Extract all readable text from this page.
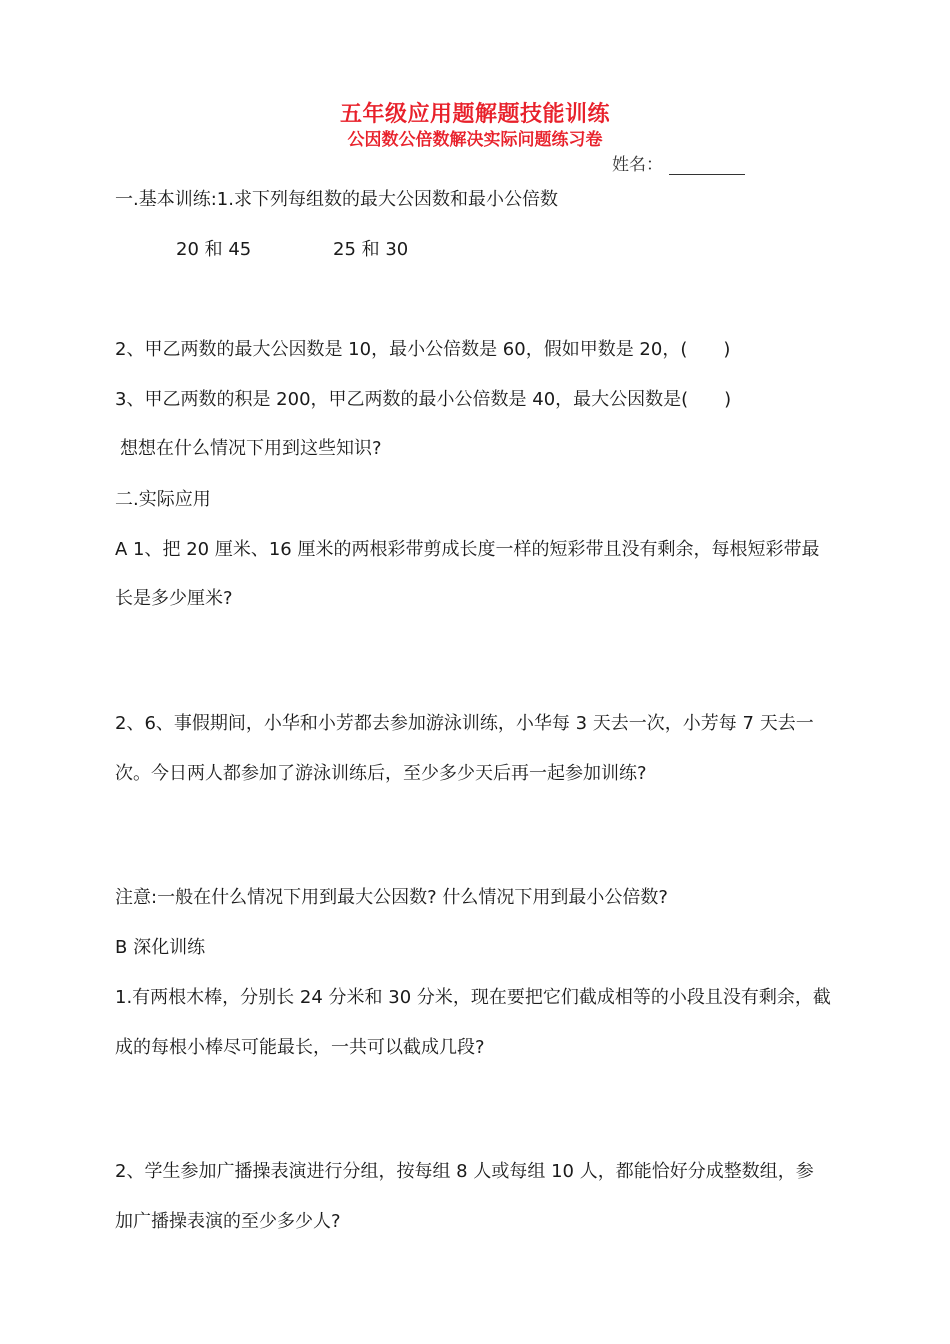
五年级应用题解题技能训练
公因数公倍数解决实际问题练习卷
姓名：
一.基本训练:1.求下列每组数的最大公因数和最小公倍数
20 和 45	25 和 30
2、甲乙两数的最大公因数是 10，最小公倍数是 60，假如甲数是 20，(　　)
3、甲乙两数的积是 200，甲乙两数的最小公倍数是 40，最大公因数是(　　)
想想在什么情况下用到这些知识?
二.实际应用
A 1、把 20 厘米、16 厘米的两根彩带剪成长度一样的短彩带且没有剩余，每根短彩带最
长是多少厘米?
2、6、事假期间，小华和小芳都去参加游泳训练，小华每 3 天去一次，小芳每 7 天去一
次。今日两人都参加了游泳训练后，至少多少天后再一起参加训练?
注意:一般在什么情况下用到最大公因数? 什么情况下用到最小公倍数?
B 深化训练
1.有两根木棒，分别长 24 分米和 30 分米，现在要把它们截成相等的小段且没有剩余，截
成的每根小棒尽可能最长，一共可以截成几段?
2、学生参加广播操表演进行分组，按每组 8 人或每组 10 人，都能恰好分成整数组，参
加广播操表演的至少多少人?
